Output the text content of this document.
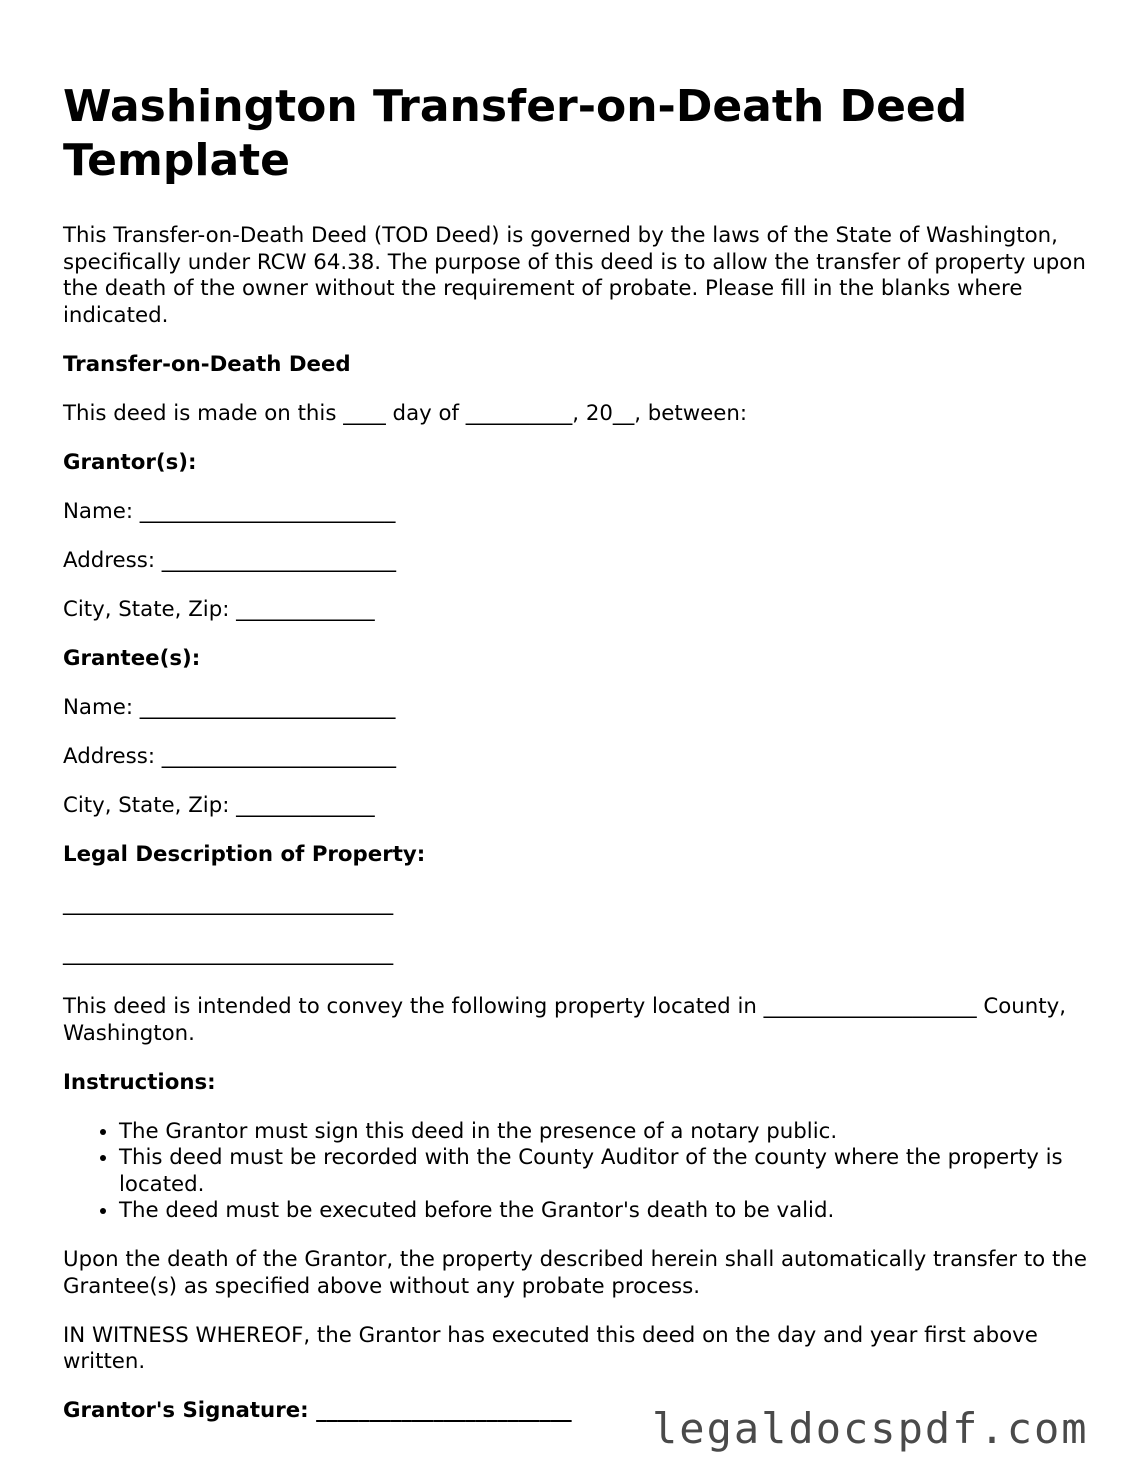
Washington Transfer-on-Death Deed Template

This Transfer-on-Death Deed (TOD Deed) is governed by the laws of the State of Washington, specifically under RCW 64.38. The purpose of this deed is to allow the transfer of property upon the death of the owner without the requirement of probate. Please fill in the blanks where indicated.

Transfer-on-Death Deed

This deed is made on this ____ day of __________, 20__, between:

Grantor(s):

Name: ________________________

Address: ______________________

City, State, Zip: _____________

Grantee(s):

Name: ________________________

Address: ______________________

City, State, Zip: _____________

Legal Description of Property:

_______________________________

_______________________________

This deed is intended to convey the following property located in ____________________ County, Washington.

Instructions:

• The Grantor must sign this deed in the presence of a notary public.
• This deed must be recorded with the County Auditor of the county where the property is located.
• The deed must be executed before the Grantor's death to be valid.

Upon the death of the Grantor, the property described herein shall automatically transfer to the Grantee(s) as specified above without any probate process.

IN WITNESS WHEREOF, the Grantor has executed this deed on the day and year first above written.

Grantor's Signature: ________________________	legaldocspdf.com
